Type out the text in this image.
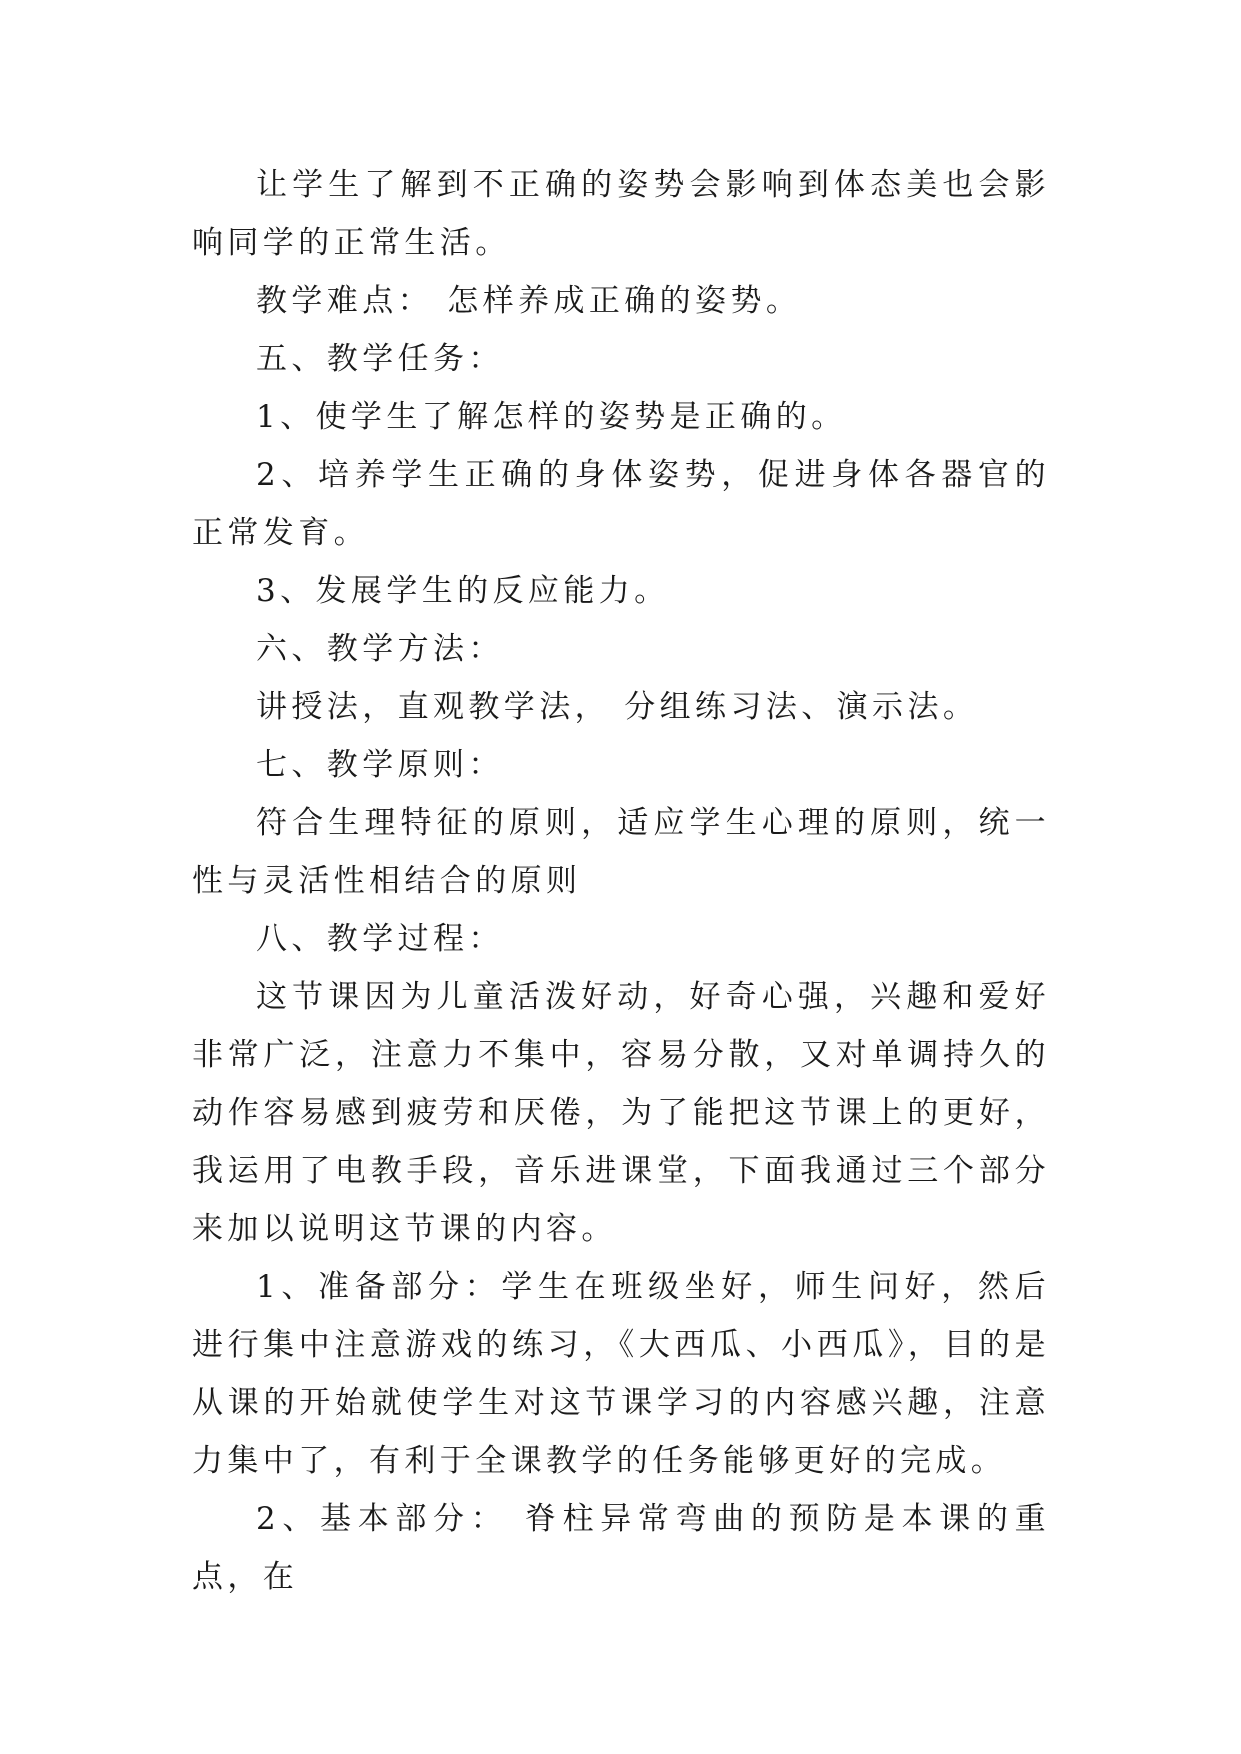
让学生了解到不正确的姿势会影响到体态美也会影响同学的正常生活。

教学难点： 怎样养成正确的姿势。

五、教学任务：

1、使学生了解怎样的姿势是正确的。

2、培养学生正确的身体姿势，促进身体各器官的正常发育。

3、发展学生的反应能力。

六、教学方法：

讲授法，直观教学法， 分组练习法、演示法。

七、教学原则：

符合生理特征的原则，适应学生心理的原则，统一性与灵活性相结合的原则

八、教学过程：

这节课因为儿童活泼好动，好奇心强，兴趣和爱好非常广泛，注意力不集中，容易分散，又对单调持久的动作容易感到疲劳和厌倦，为了能把这节课上的更好，我运用了电教手段，音乐进课堂，下面我通过三个部分来加以说明这节课的内容。

1、准备部分：学生在班级坐好，师生问好，然后进行集中注意游戏的练习，《大西瓜、小西瓜》，目的是从课的开始就使学生对这节课学习的内容感兴趣，注意力集中了，有利于全课教学的任务能够更好的完成。

2、基本部分： 脊柱异常弯曲的预防是本课的重点，在
